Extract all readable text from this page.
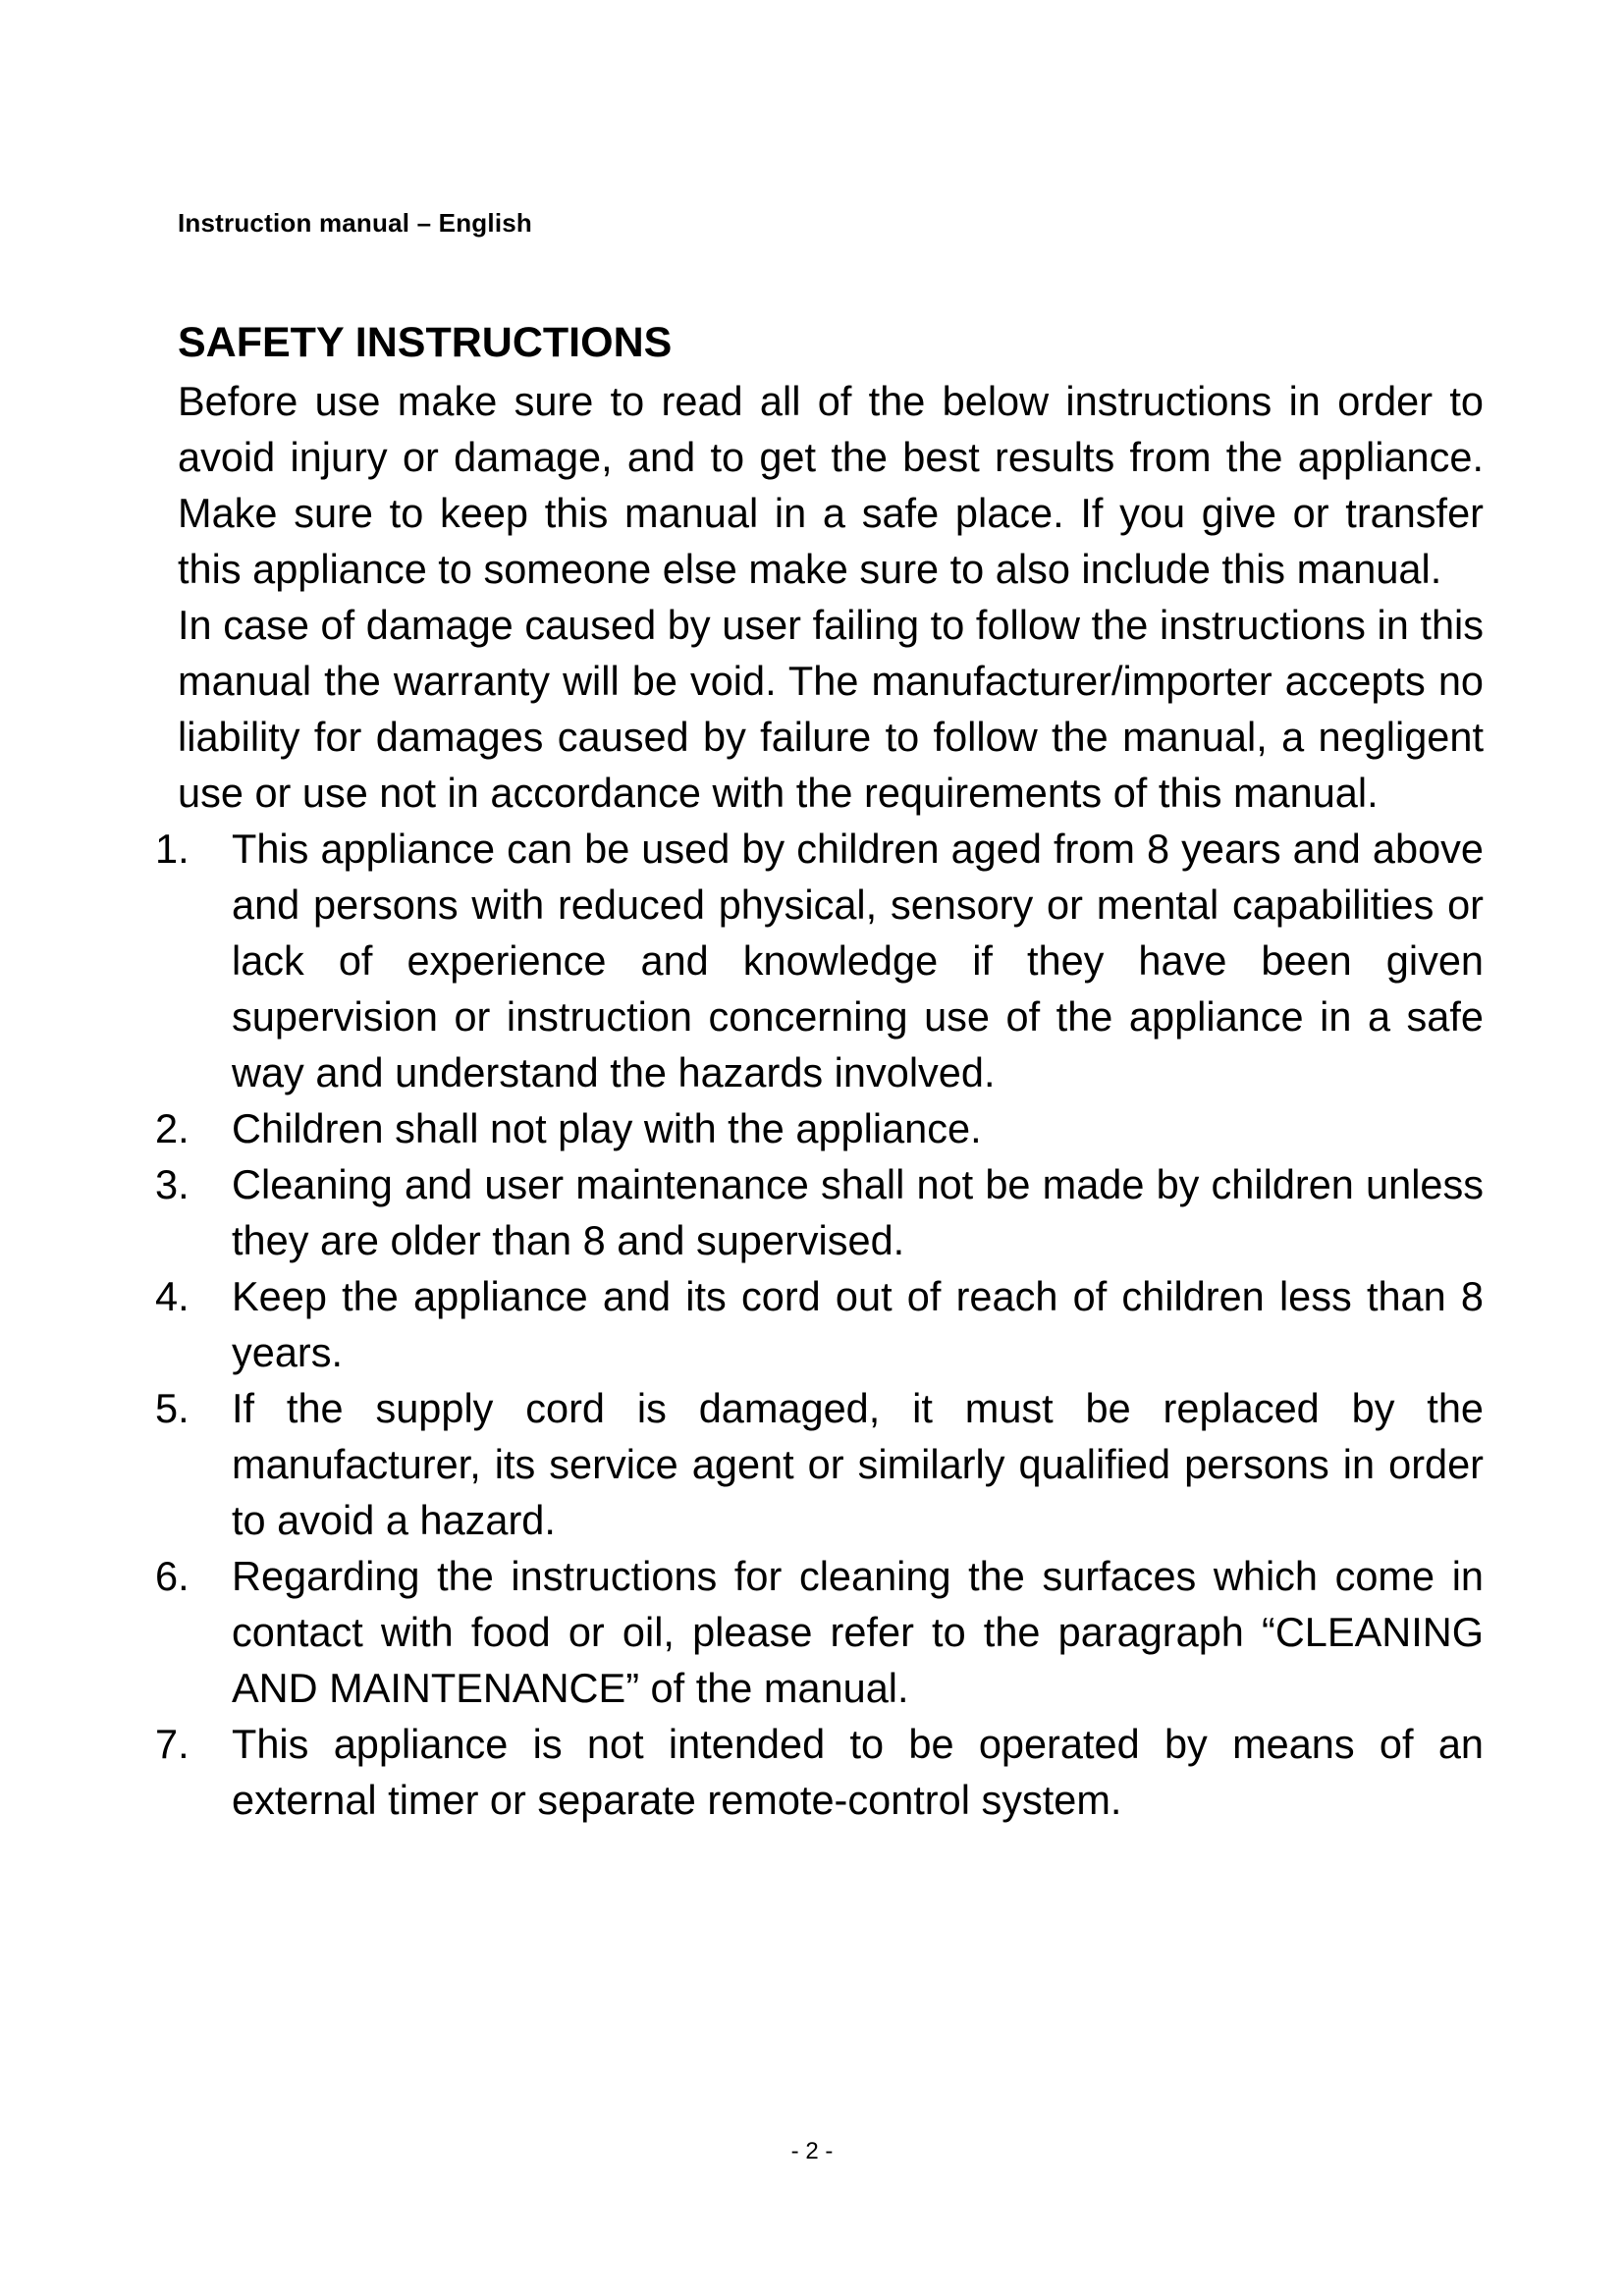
Instruction manual – English
SAFETY INSTRUCTIONS

Before use make sure to read all of the below instructions in order to avoid injury or damage, and to get the best results from the appliance. Make sure to keep this manual in a safe place. If you give or transfer this appliance to someone else make sure to also include this manual.

In case of damage caused by user failing to follow the instructions in this manual the warranty will be void. The manufacturer/importer accepts no liability for damages caused by failure to follow the manual, a negligent use or use not in accordance with the requirements of this manual.

1.	This appliance can be used by children aged from 8 years and above and persons with reduced physical, sensory or mental capabilities or lack of experience and knowledge if they have been given supervision or instruction concerning use of the appliance in a safe way and understand the hazards involved.
2.	Children shall not play with the appliance.
3.	Cleaning and user maintenance shall not be made by children unless they are older than 8 and supervised.
4.	Keep the appliance and its cord out of reach of children less than 8 years.
5.	If the supply cord is damaged, it must be replaced by the manufacturer, its service agent or similarly qualified persons in order to avoid a hazard.
6.	Regarding the instructions for cleaning the surfaces which come in contact with food or oil, please refer to the paragraph “CLEANING AND MAINTENANCE” of the manual.
7.	This appliance is not intended to be operated by means of an external timer or separate remote-control system.
- 2 -
